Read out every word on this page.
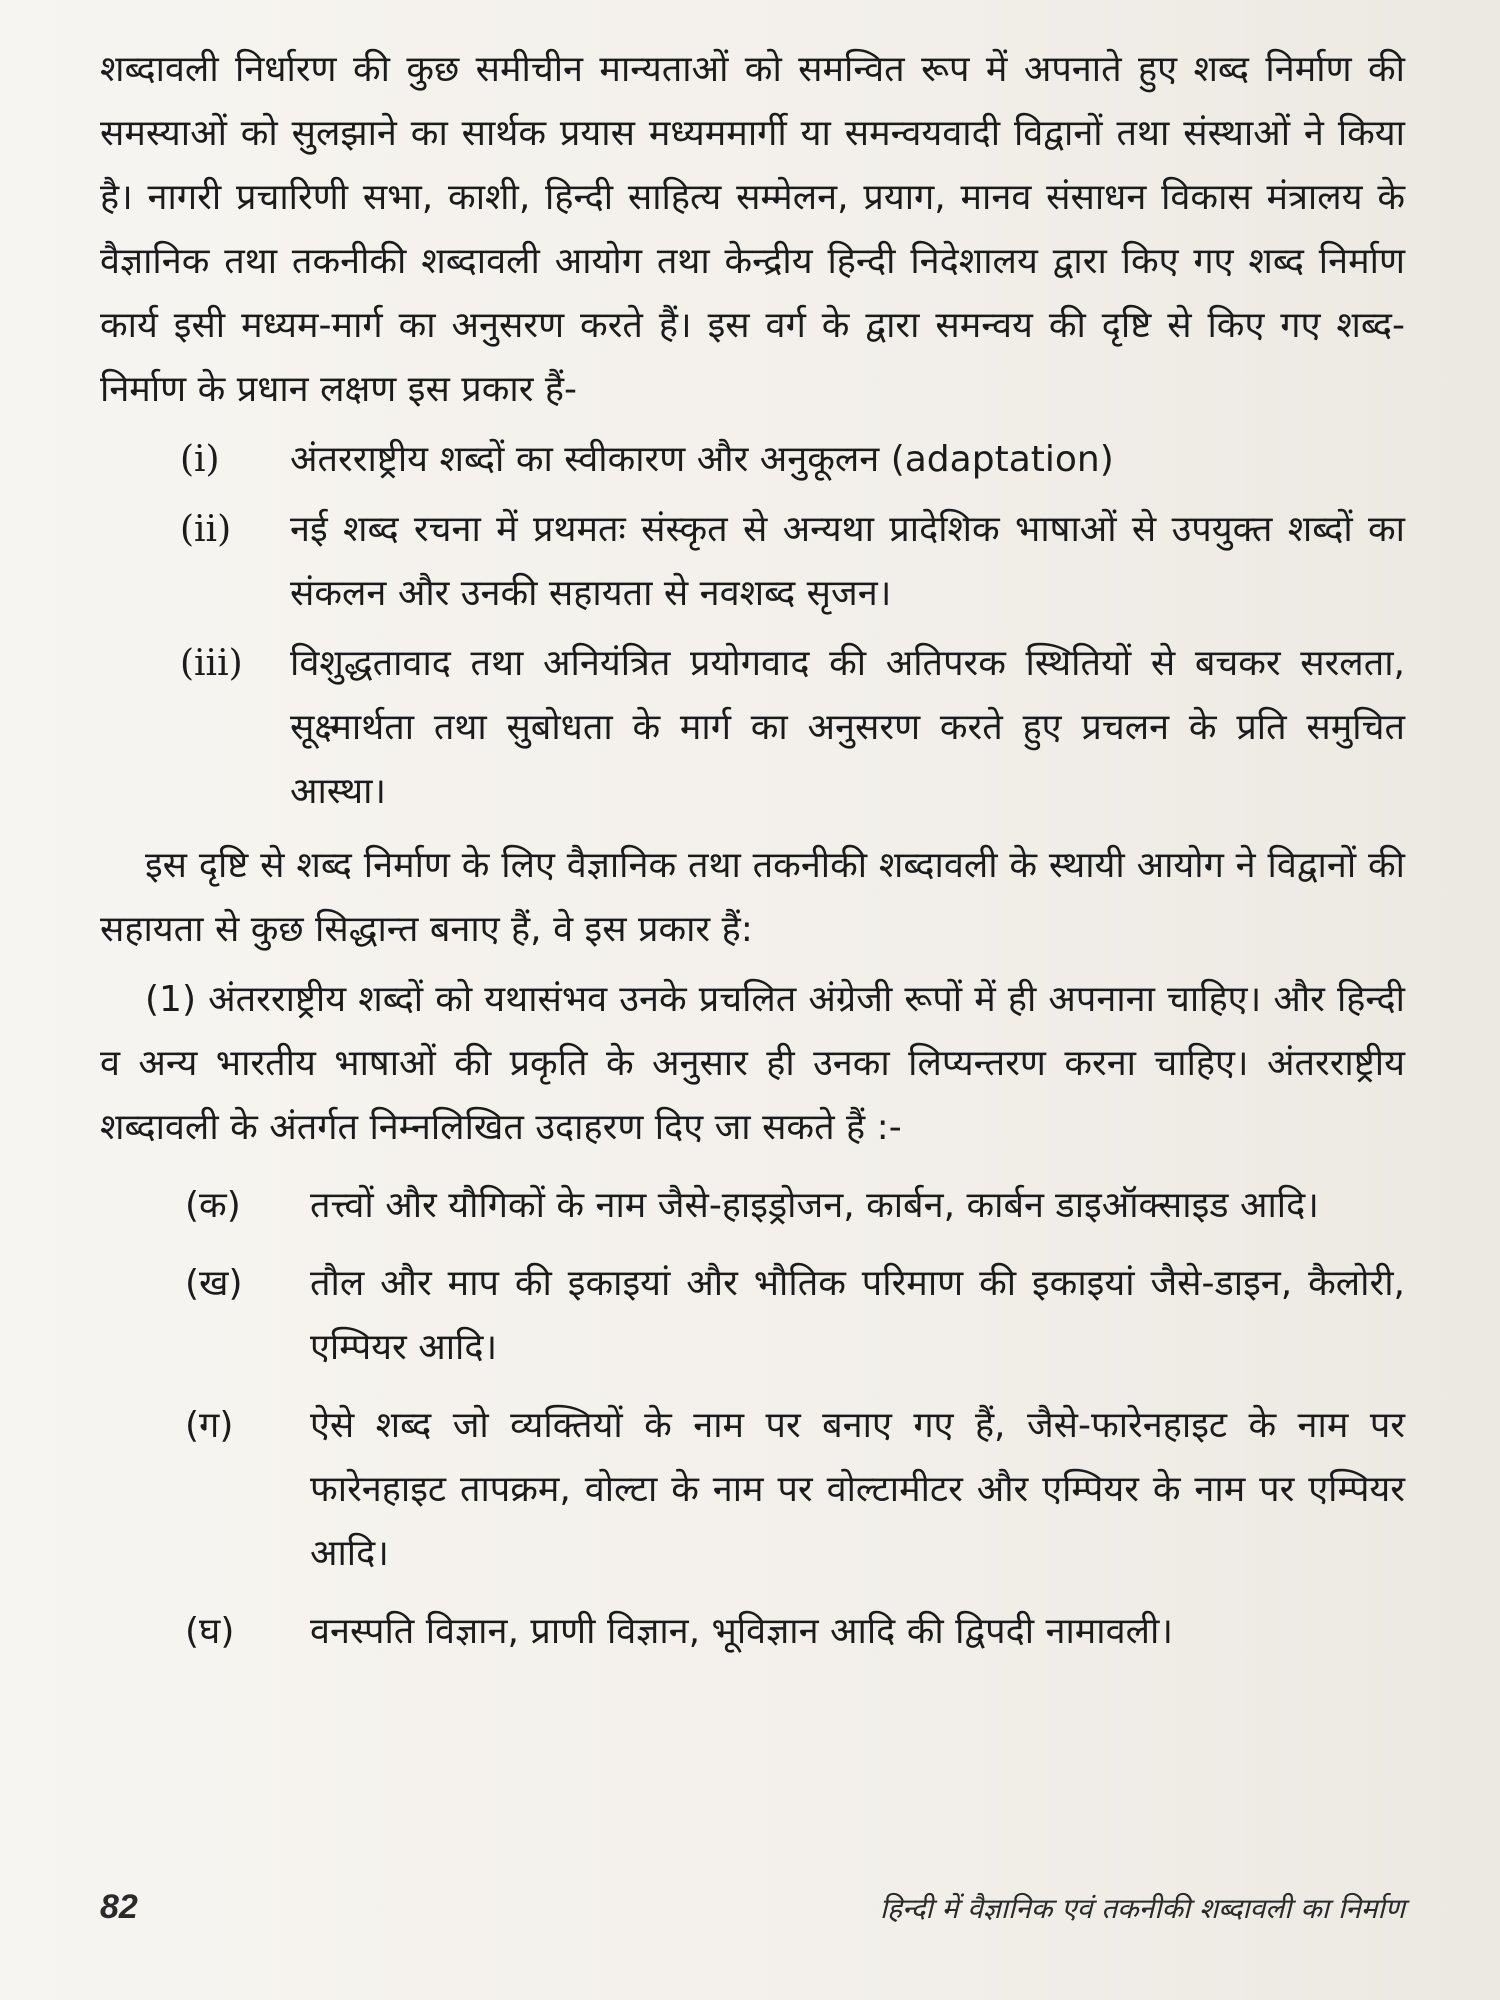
शब्दावली निर्धारण की कुछ समीचीन मान्यताओं को समन्वित रूप में अपनाते हुए शब्द निर्माण की समस्याओं को सुलझाने का सार्थक प्रयास मध्यममार्गी या समन्वयवादी विद्वानों तथा संस्थाओं ने किया है। नागरी प्रचारिणी सभा, काशी, हिन्दी साहित्य सम्मेलन, प्रयाग, मानव संसाधन विकास मंत्रालय के वैज्ञानिक तथा तकनीकी शब्दावली आयोग तथा केन्द्रीय हिन्दी निदेशालय द्वारा किए गए शब्द निर्माण कार्य इसी मध्यम-मार्ग का अनुसरण करते हैं। इस वर्ग के द्वारा समन्वय की दृष्टि से किए गए शब्द-निर्माण के प्रधान लक्षण इस प्रकार हैं-

(i)	अंतरराष्ट्रीय शब्दों का स्वीकारण और अनुकूलन (adaptation)
(ii)	नई शब्द रचना में प्रथमतः संस्कृत से अन्यथा प्रादेशिक भाषाओं से उपयुक्त शब्दों का संकलन और उनकी सहायता से नवशब्द सृजन।
(iii)	विशुद्धतावाद तथा अनियंत्रित प्रयोगवाद की अतिपरक स्थितियों से बचकर सरलता, सूक्ष्मार्थता तथा सुबोधता के मार्ग का अनुसरण करते हुए प्रचलन के प्रति समुचित आस्था।

इस दृष्टि से शब्द निर्माण के लिए वैज्ञानिक तथा तकनीकी शब्दावली के स्थायी आयोग ने विद्वानों की सहायता से कुछ सिद्धान्त बनाए हैं, वे इस प्रकार हैं:

(1) अंतरराष्ट्रीय शब्दों को यथासंभव उनके प्रचलित अंग्रेजी रूपों में ही अपनाना चाहिए। और हिन्दी व अन्य भारतीय भाषाओं की प्रकृति के अनुसार ही उनका लिप्यन्तरण करना चाहिए। अंतरराष्ट्रीय शब्दावली के अंतर्गत निम्नलिखित उदाहरण दिए जा सकते हैं :-

(क)	तत्त्वों और यौगिकों के नाम जैसे-हाइड्रोजन, कार्बन, कार्बन डाइऑक्साइड आदि।
(ख)	तौल और माप की इकाइयां और भौतिक परिमाण की इकाइयां जैसे-डाइन, कैलोरी, एम्पियर आदि।
(ग)	ऐसे शब्द जो व्यक्तियों के नाम पर बनाए गए हैं, जैसे-फारेनहाइट के नाम पर फारेनहाइट तापक्रम, वोल्टा के नाम पर वोल्टामीटर और एम्पियर के नाम पर एम्पियर आदि।
(घ)	वनस्पति विज्ञान, प्राणी विज्ञान, भूविज्ञान आदि की द्विपदी नामावली।
82	हिन्दी में वैज्ञानिक एवं तकनीकी शब्दावली का निर्माण
